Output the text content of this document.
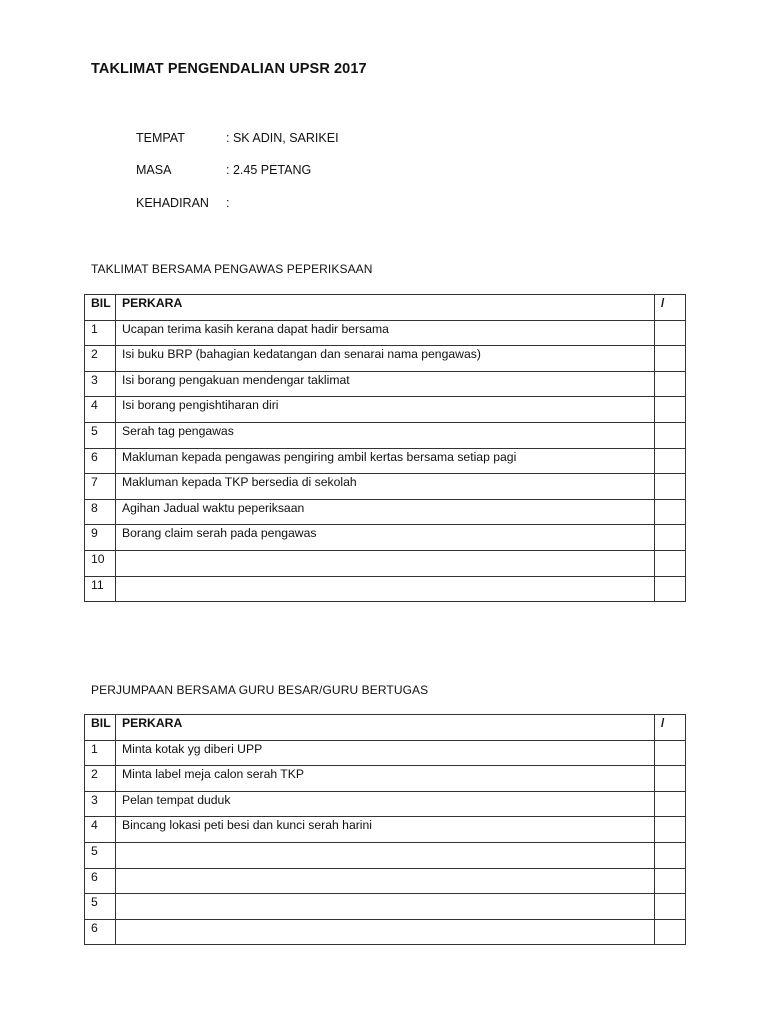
TAKLIMAT PENGENDALIAN UPSR 2017
TEMPAT	: SK ADIN, SARIKEI
MASA	: 2.45 PETANG
KEHADIRAN :
TAKLIMAT BERSAMA PENGAWAS PEPERIKSAAN
BIL	PERKARA	/
1	Ucapan terima kasih kerana dapat hadir bersama	
2	Isi buku BRP (bahagian kedatangan dan senarai nama pengawas)	
3	Isi borang pengakuan mendengar taklimat	
4	Isi borang pengishtiharan diri	
5	Serah tag pengawas	
6	Makluman kepada pengawas pengiring ambil kertas bersama setiap pagi	
7	Makluman kepada TKP bersedia di sekolah	
8	Agihan Jadual waktu peperiksaan	
9	Borang claim serah pada pengawas	
10		
11		
PERJUMPAAN BERSAMA GURU BESAR/GURU BERTUGAS
BIL	PERKARA	/
1	Minta kotak yg diberi UPP	
2	Minta label meja calon serah TKP	
3	Pelan tempat duduk	
4	Bincang lokasi peti besi dan kunci serah harini	
5		
6		
5		
6		
